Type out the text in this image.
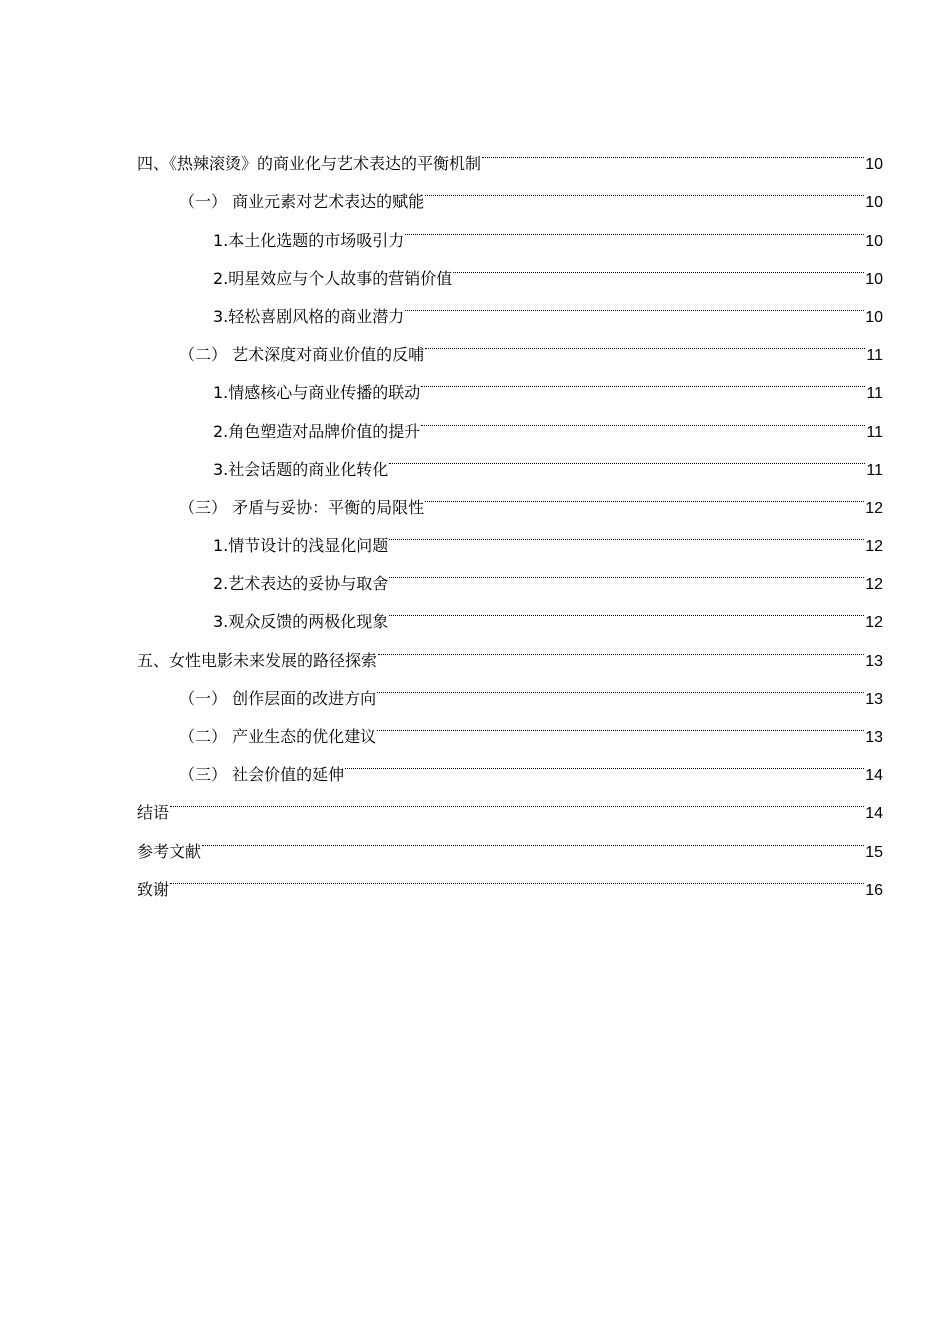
四、《热辣滚烫》的商业化与艺术表达的平衡机制	10
（一） 商业元素对艺术表达的赋能	10
1.本土化选题的市场吸引力	10
2.明星效应与个人故事的营销价值	10
3.轻松喜剧风格的商业潜力	10
（二） 艺术深度对商业价值的反哺	11
1.情感核心与商业传播的联动	11
2.角色塑造对品牌价值的提升	11
3.社会话题的商业化转化	11
（三） 矛盾与妥协：平衡的局限性	12
1.情节设计的浅显化问题	12
2.艺术表达的妥协与取舍	12
3.观众反馈的两极化现象	12
五、女性电影未来发展的路径探索	13
（一） 创作层面的改进方向	13
（二） 产业生态的优化建议	13
（三） 社会价值的延伸	14
结语	14
参考文献	15
致谢	16
